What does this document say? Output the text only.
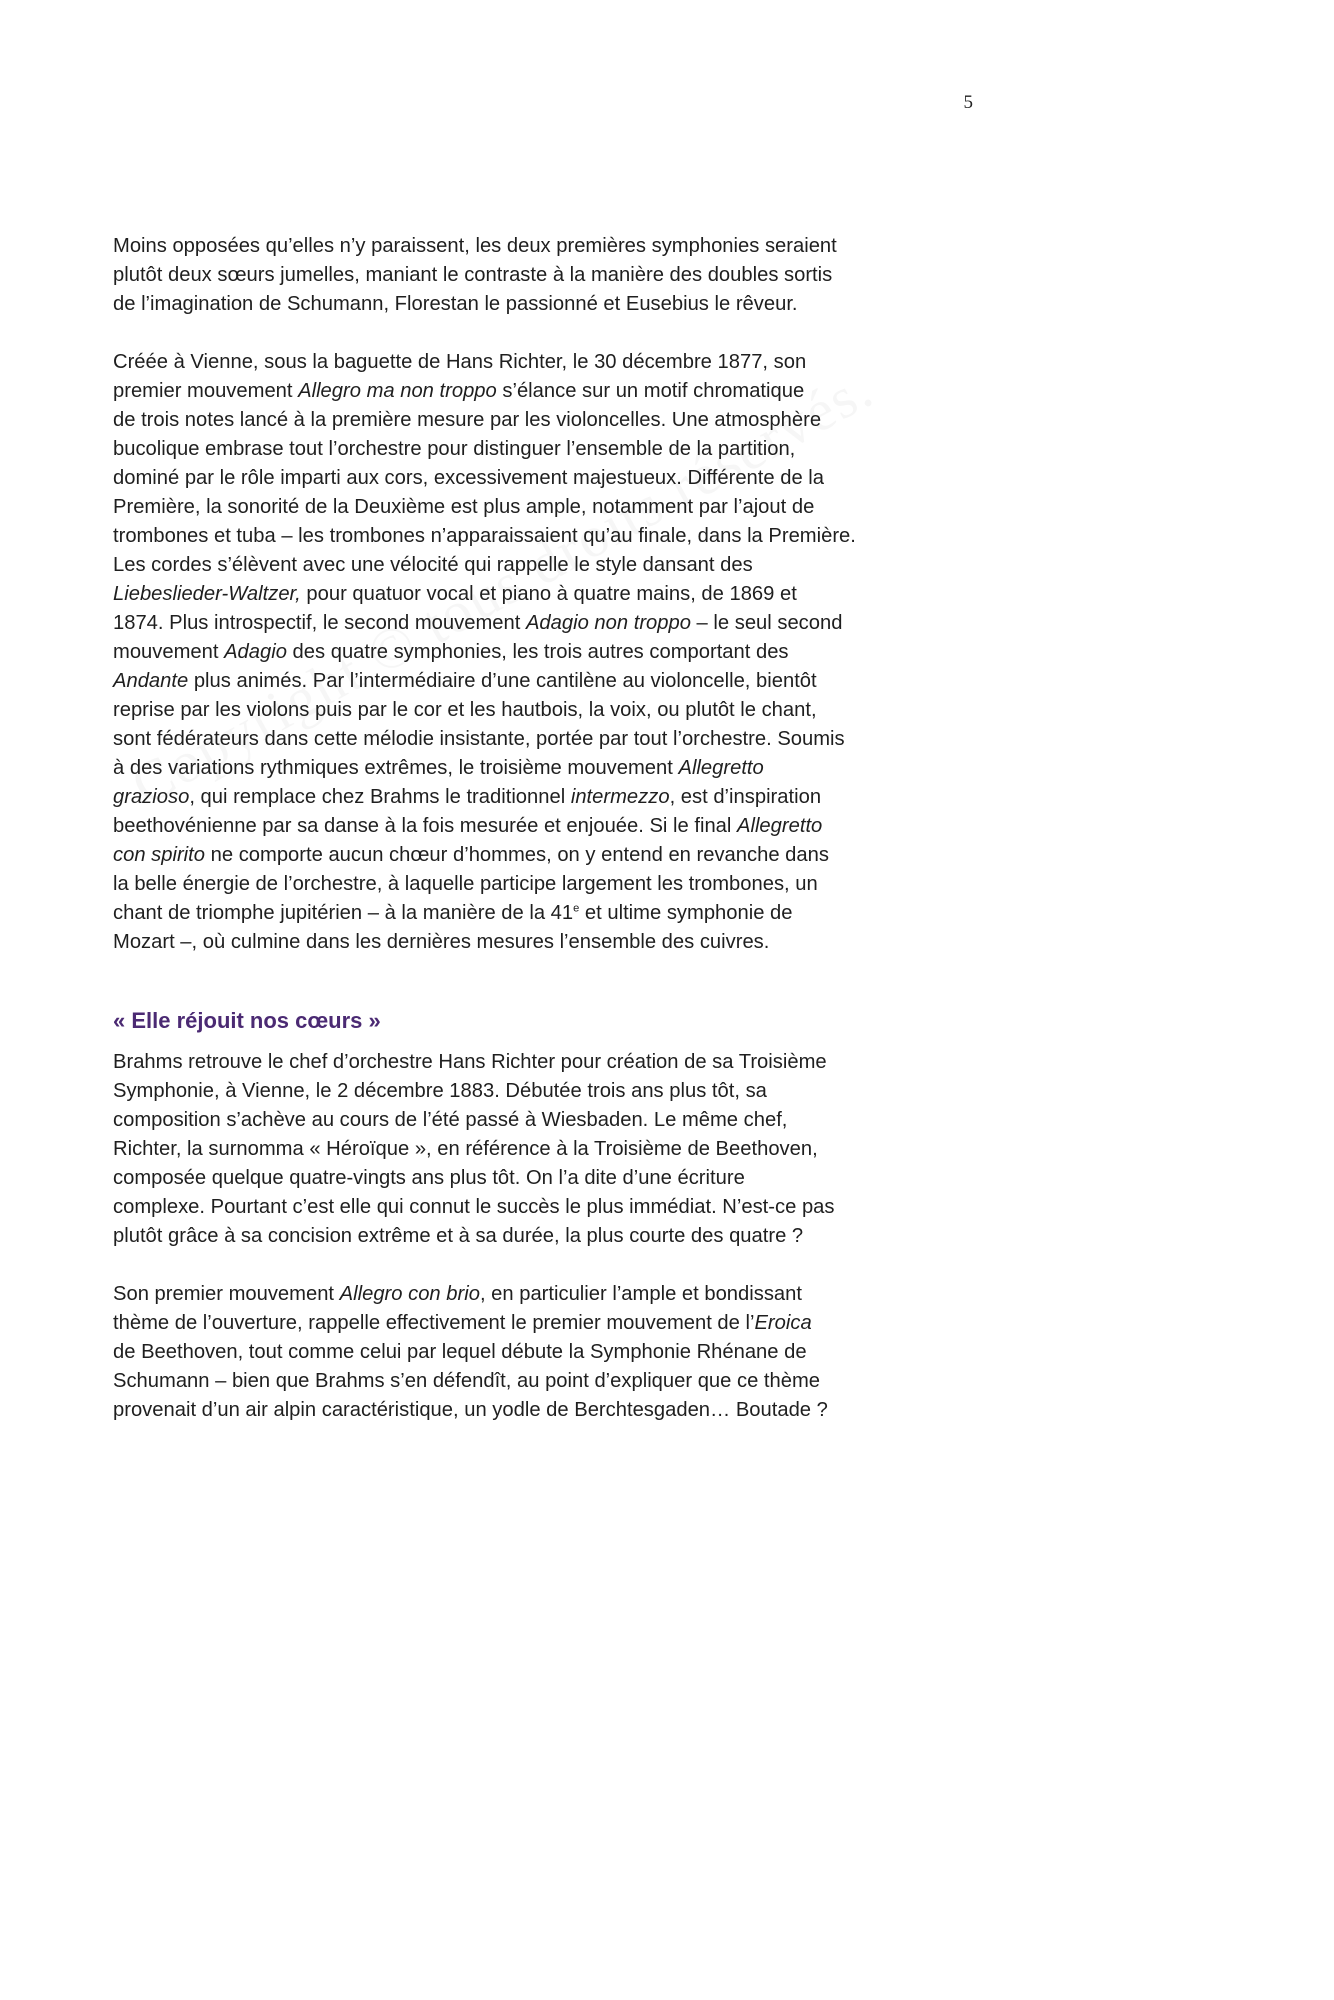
5

Moins opposées qu’elles n’y paraissent, les deux premières symphonies seraient
plutôt deux sœurs jumelles, maniant le contraste à la manière des doubles sortis
de l’imagination de Schumann, Florestan le passionné et Eusebius le rêveur.

Créée à Vienne, sous la baguette de Hans Richter, le 30 décembre 1877, son
premier mouvement Allegro ma non troppo s’élance sur un motif chromatique
de trois notes lancé à la première mesure par les violoncelles. Une atmosphère
bucolique embrase tout l’orchestre pour distinguer l’ensemble de la partition,
dominé par le rôle imparti aux cors, excessivement majestueux. Différente de la
Première, la sonorité de la Deuxième est plus ample, notamment par l’ajout de
trombones et tuba – les trombones n’apparaissaient qu’au finale, dans la Première.
Les cordes s’élèvent avec une vélocité qui rappelle le style dansant des
Liebeslieder-Waltzer, pour quatuor vocal et piano à quatre mains, de 1869 et
1874. Plus introspectif, le second mouvement Adagio non troppo – le seul second
mouvement Adagio des quatre symphonies, les trois autres comportant des
Andante plus animés. Par l’intermédiaire d’une cantilène au violoncelle, bientôt
reprise par les violons puis par le cor et les hautbois, la voix, ou plutôt le chant,
sont fédérateurs dans cette mélodie insistante, portée par tout l’orchestre. Soumis
à des variations rythmiques extrêmes, le troisième mouvement Allegretto
grazioso, qui remplace chez Brahms le traditionnel intermezzo, est d’inspiration
beethovénienne par sa danse à la fois mesurée et enjouée. Si le final Allegretto
con spirito ne comporte aucun chœur d’hommes, on y entend en revanche dans
la belle énergie de l’orchestre, à laquelle participe largement les trombones, un
chant de triomphe jupitérien – à la manière de la 41e et ultime symphonie de
Mozart –, où culmine dans les dernières mesures l’ensemble des cuivres.

« Elle réjouit nos cœurs »

Brahms retrouve le chef d’orchestre Hans Richter pour création de sa Troisième
Symphonie, à Vienne, le 2 décembre 1883. Débutée trois ans plus tôt, sa
composition s’achève au cours de l’été passé à Wiesbaden. Le même chef,
Richter, la surnomma « Héroïque », en référence à la Troisième de Beethoven,
composée quelque quatre-vingts ans plus tôt. On l’a dite d’une écriture
complexe. Pourtant c’est elle qui connut le succès le plus immédiat. N’est-ce pas
plutôt grâce à sa concision extrême et à sa durée, la plus courte des quatre ?

Son premier mouvement Allegro con brio, en particulier l’ample et bondissant
thème de l’ouverture, rappelle effectivement le premier mouvement de l’Eroica
de Beethoven, tout comme celui par lequel débute la Symphonie Rhénane de
Schumann – bien que Brahms s’en défendît, au point d’expliquer que ce thème
provenait d’un air alpin caractéristique, un yodle de Berchtesgaden… Boutade ?
